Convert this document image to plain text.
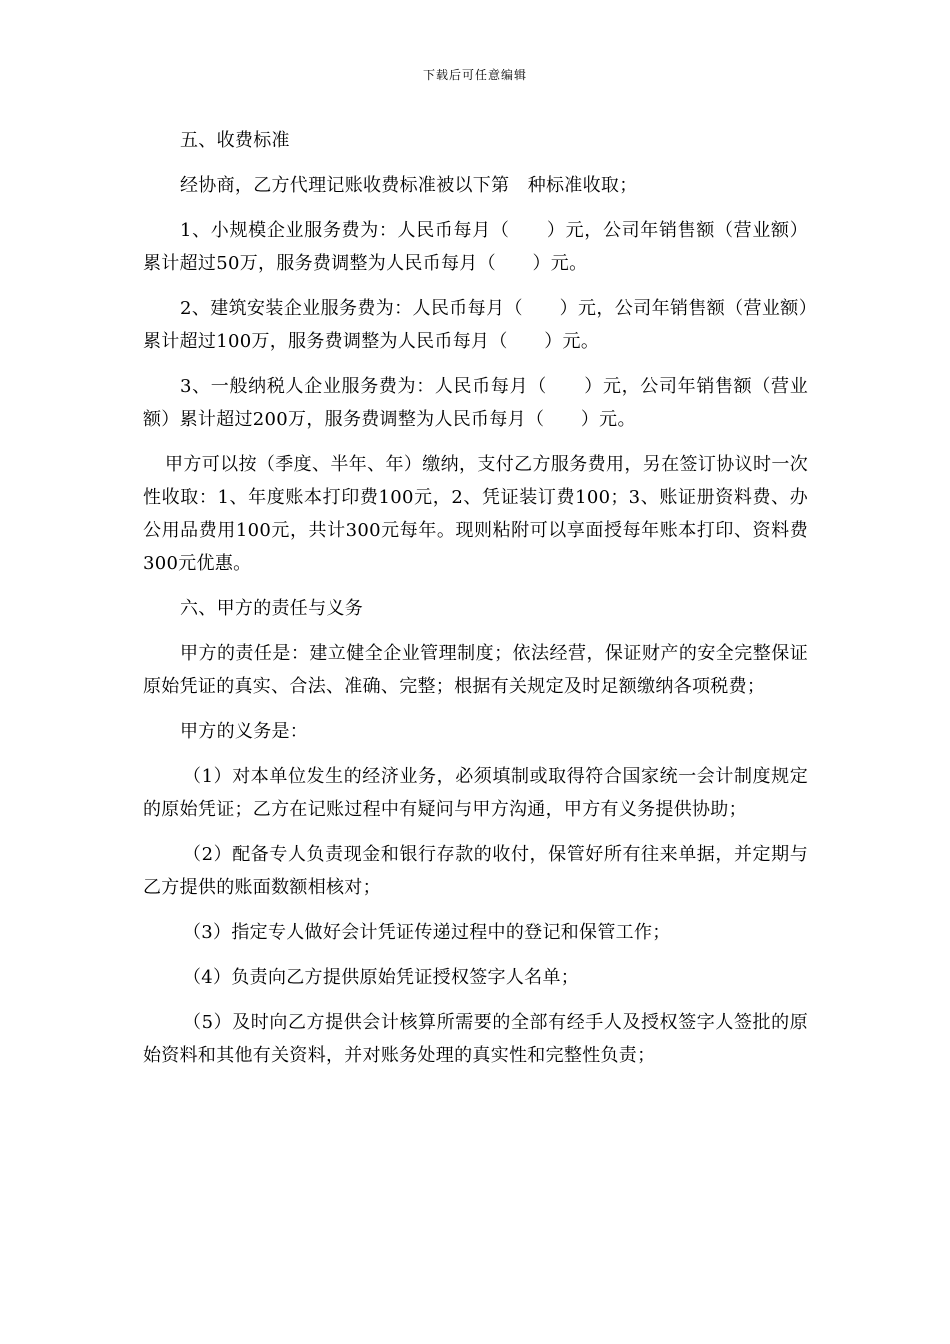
下载后可任意编辑

五、收费标准

经协商，乙方代理记账收费标准被以下第　种标准收取；

1、小规模企业服务费为：人民币每月（　　）元，公司年销售额（营业额）累计超过50万，服务费调整为人民币每月（　　）元。

2、建筑安装企业服务费为：人民币每月（　　）元，公司年销售额（营业额）累计超过100万，服务费调整为人民币每月（　　）元。

3、一般纳税人企业服务费为：人民币每月（　　）元，公司年销售额（营业额）累计超过200万，服务费调整为人民币每月（　　）元。

甲方可以按（季度、半年、年）缴纳，支付乙方服务费用，另在签订协议时一次性收取：1、年度账本打印费100元，2、凭证装订费100；3、账证册资料费、办公用品费用100元，共计300元每年。现则粘附可以享面授每年账本打印、资料费300元优惠。

六、甲方的责任与义务

甲方的责任是：建立健全企业管理制度；依法经营，保证财产的安全完整保证原始凭证的真实、合法、准确、完整；根据有关规定及时足额缴纳各项税费；

甲方的义务是：

（1）对本单位发生的经济业务，必须填制或取得符合国家统一会计制度规定的原始凭证；乙方在记账过程中有疑问与甲方沟通，甲方有义务提供协助；

（2）配备专人负责现金和银行存款的收付，保管好所有往来单据，并定期与乙方提供的账面数额相核对；

（3）指定专人做好会计凭证传递过程中的登记和保管工作；

（4）负责向乙方提供原始凭证授权签字人名单；

（5）及时向乙方提供会计核算所需要的全部有经手人及授权签字人签批的原始资料和其他有关资料，并对账务处理的真实性和完整性负责；
